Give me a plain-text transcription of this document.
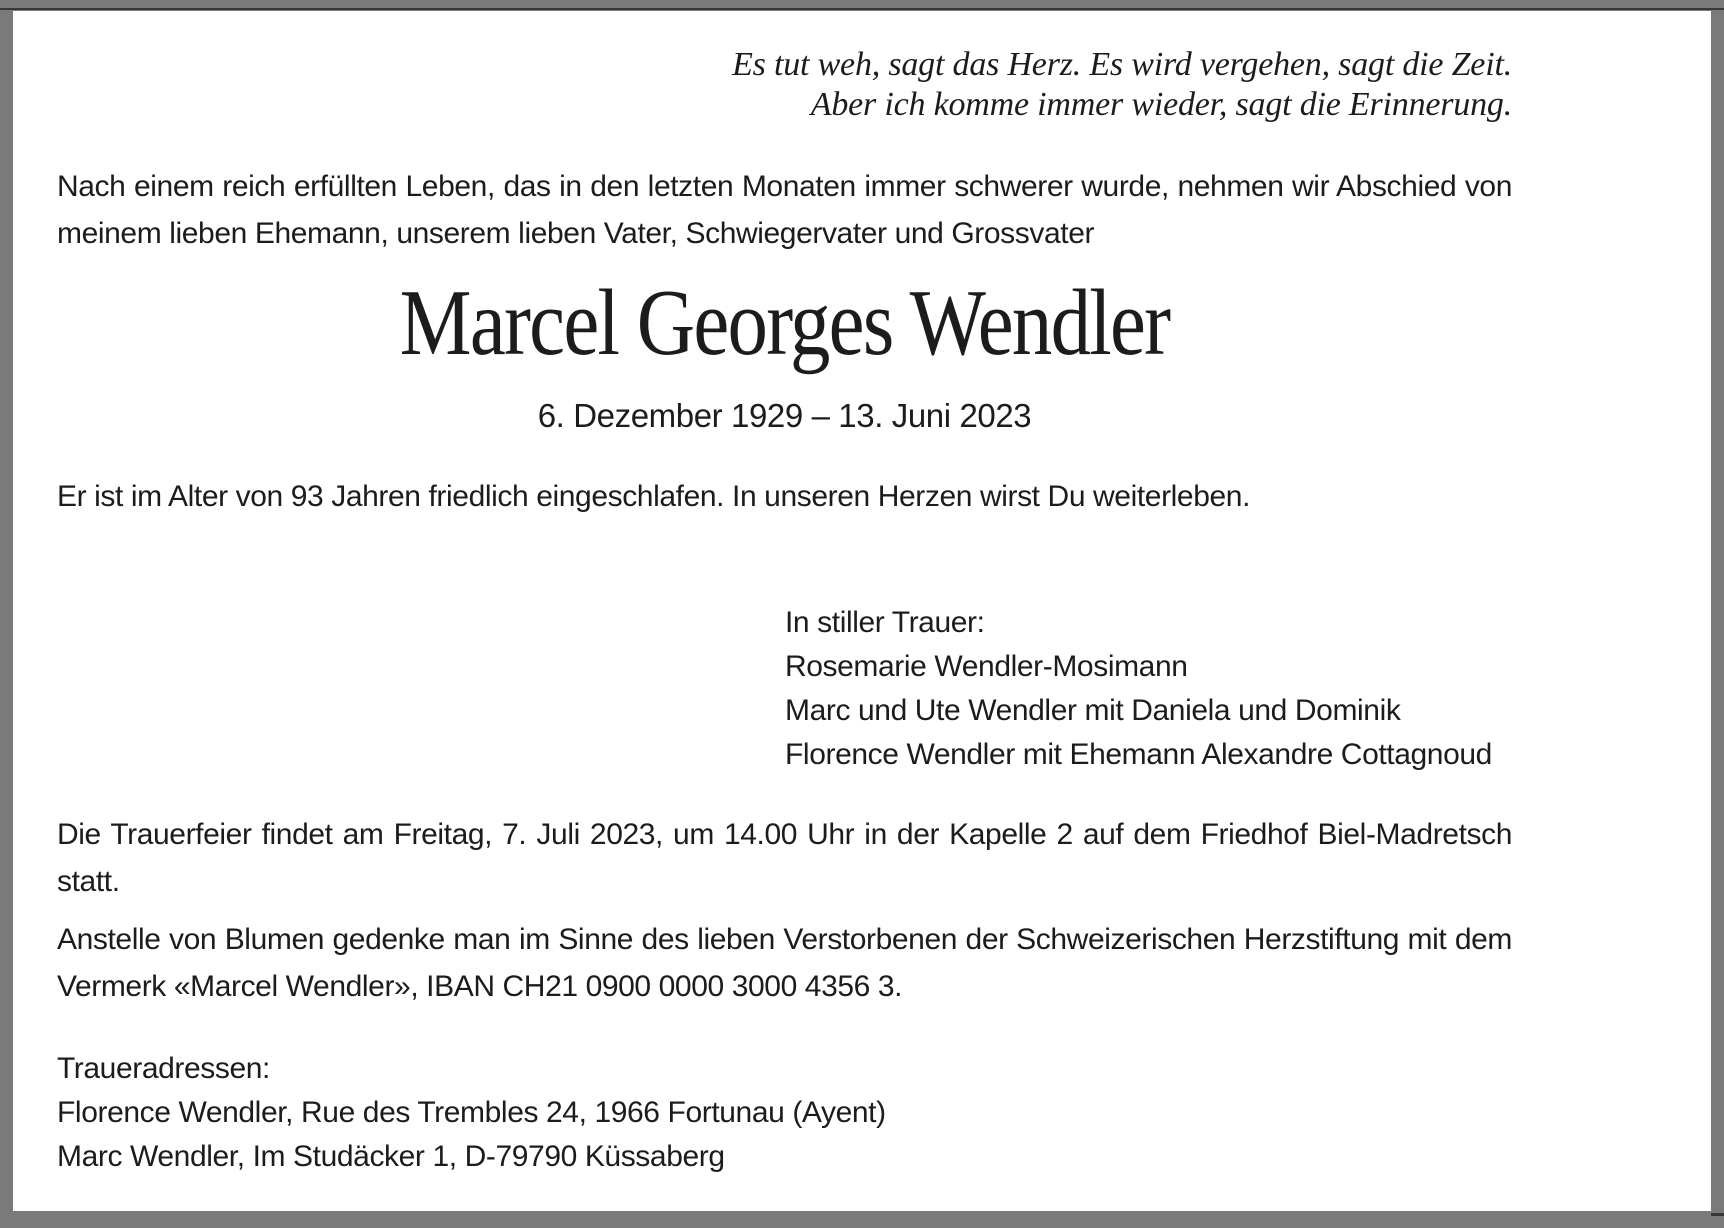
Es tut weh, sagt das Herz. Es wird vergehen, sagt die Zeit.
Aber ich komme immer wieder, sagt die Erinnerung.
Nach einem reich erfüllten Leben, das in den letzten Monaten immer schwerer wurde, nehmen wir Abschied von meinem lieben Ehemann, unserem lieben Vater, Schwiegervater und Grossvater
Marcel Georges Wendler
6. Dezember 1929 – 13. Juni 2023
Er ist im Alter von 93 Jahren friedlich eingeschlafen. In unseren Herzen wirst Du weiterleben.
In stiller Trauer:
Rosemarie Wendler-Mosimann
Marc und Ute Wendler mit Daniela und Dominik
Florence Wendler mit Ehemann Alexandre Cottagnoud
Die Trauerfeier findet am Freitag, 7. Juli 2023, um 14.00 Uhr in der Kapelle 2 auf dem Friedhof Biel-Madretsch statt.
Anstelle von Blumen gedenke man im Sinne des lieben Verstorbenen der Schweizerischen Herzstiftung mit dem Vermerk «Marcel Wendler», IBAN CH21 0900 0000 3000 4356 3.
Traueradressen:
Florence Wendler, Rue des Trembles 24, 1966 Fortunau (Ayent)
Marc Wendler, Im Studäcker 1, D-79790 Küssaberg
